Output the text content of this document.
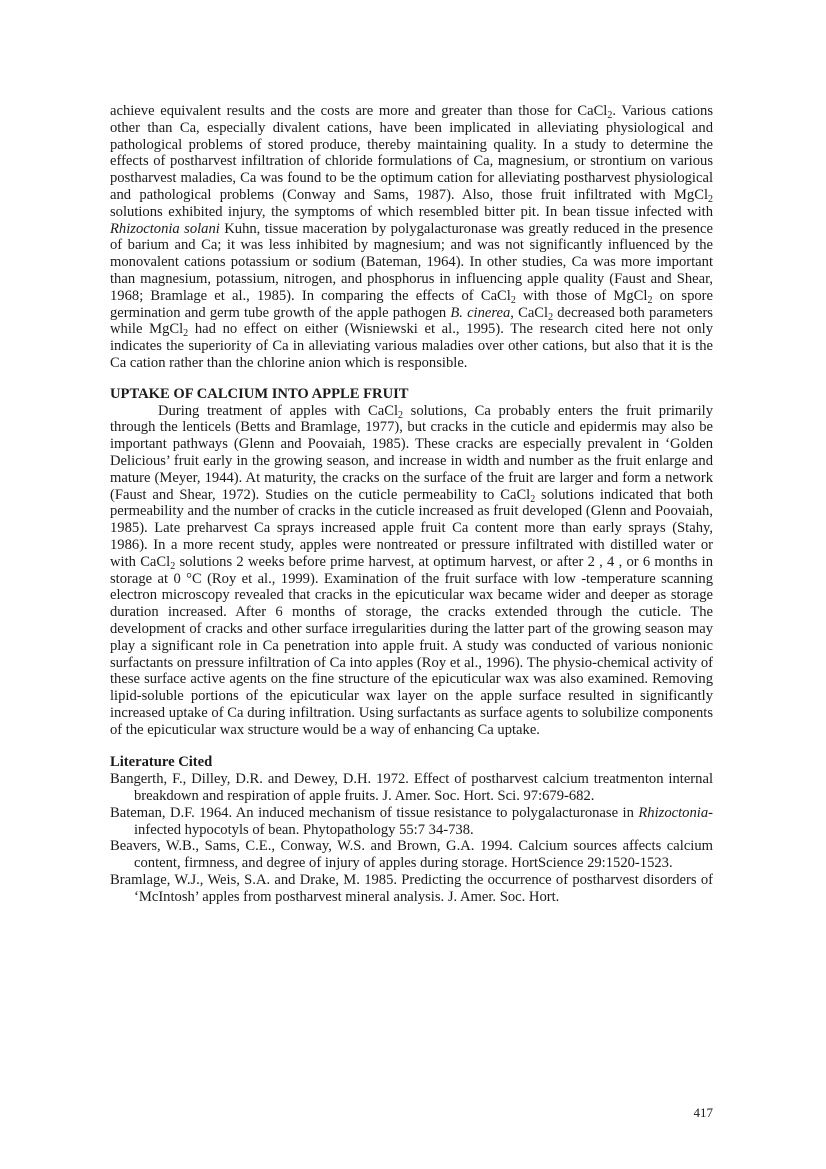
achieve equivalent results and the costs are more and greater than those for CaCl$_2$. Various cations other than Ca, especially divalent cations, have been implicated in alleviating physiological and pathological problems of stored produce, thereby maintaining quality. In a study to determine the effects of postharvest infiltration of chloride formulations of Ca, magnesium, or strontium on various postharvest maladies, Ca was found to be the optimum cation for alleviating postharvest physiological and pathological problems (Conway and Sams, 1987). Also, those fruit infiltrated with MgCl$_2$ solutions exhibited injury, the symptoms of which resembled bitter pit. In bean tissue infected with Rhizoctonia solani Kuhn, tissue maceration by polygalacturonase was greatly reduced in the presence of barium and Ca; it was less inhibited by magnesium; and was not significantly influenced by the monovalent cations potassium or sodium (Bateman, 1964). In other studies, Ca was more important than magnesium, potassium, nitrogen, and phosphorus in influencing apple quality (Faust and Shear, 1968; Bramlage et al., 1985). In comparing the effects of CaCl$_2$ with those of MgCl$_2$ on spore germination and germ tube growth of the apple pathogen B. cinerea, CaCl$_2$ decreased both parameters while MgCl$_2$ had no effect on either (Wisniewski et al., 1995). The research cited here not only indicates the superiority of Ca in alleviating various maladies over other cations, but also that it is the Ca cation rather than the chlorine anion which is responsible.

UPTAKE OF CALCIUM INTO APPLE FRUIT

During treatment of apples with CaCl$_2$ solutions, Ca probably enters the fruit primarily through the lenticels (Betts and Bramlage, 1977), but cracks in the cuticle and epidermis may also be important pathways (Glenn and Poovaiah, 1985). These cracks are especially prevalent in ‘Golden Delicious’ fruit early in the growing season, and increase in width and number as the fruit enlarge and mature (Meyer, 1944). At maturity, the cracks on the surface of the fruit are larger and form a network (Faust and Shear, 1972). Studies on the cuticle permeability to CaCl$_2$ solutions indicated that both permeability and the number of cracks in the cuticle increased as fruit developed (Glenn and Poovaiah, 1985). Late preharvest Ca sprays increased apple fruit Ca content more than early sprays (Stahy, 1986). In a more recent study, apples were nontreated or pressure infiltrated with distilled water or with CaCl$_2$ solutions 2 weeks before prime harvest, at optimum harvest, or after 2 , 4 , or 6 months in storage at 0 °C (Roy et al., 1999). Examination of the fruit surface with low -temperature scanning electron microscopy revealed that cracks in the epicuticular wax became wider and deeper as storage duration increased. After 6 months of storage, the cracks extended through the cuticle. The development of cracks and other surface irregularities during the latter part of the growing season may play a significant role in Ca penetration into apple fruit. A study was conducted of various nonionic surfactants on pressure infiltration of Ca into apples (Roy et al., 1996). The physio-chemical activity of these surface active agents on the fine structure of the epicuticular wax was also examined. Removing lipid-soluble portions of the epicuticular wax layer on the apple surface resulted in significantly increased uptake of Ca during infiltration. Using surfactants as surface agents to solubilize components of the epicuticular wax structure would be a way of enhancing Ca uptake.

Literature Cited

Bangerth, F., Dilley, D.R. and Dewey, D.H. 1972. Effect of postharvest calcium treatmenton internal breakdown and respiration of apple fruits. J. Amer. Soc. Hort. Sci. 97:679-682.

Bateman, D.F. 1964. An induced mechanism of tissue resistance to polygalacturonase in Rhizoctonia-infected hypocotyls of bean. Phytopathology 55:7 34-738.

Beavers, W.B., Sams, C.E., Conway, W.S. and Brown, G.A. 1994. Calcium sources affects calcium content, firmness, and degree of injury of apples during storage. HortScience 29:1520-1523.

Bramlage, W.J., Weis, S.A. and Drake, M. 1985. Predicting the occurrence of postharvest disorders of ‘McIntosh’ apples from postharvest mineral analysis. J. Amer. Soc. Hort.

417
